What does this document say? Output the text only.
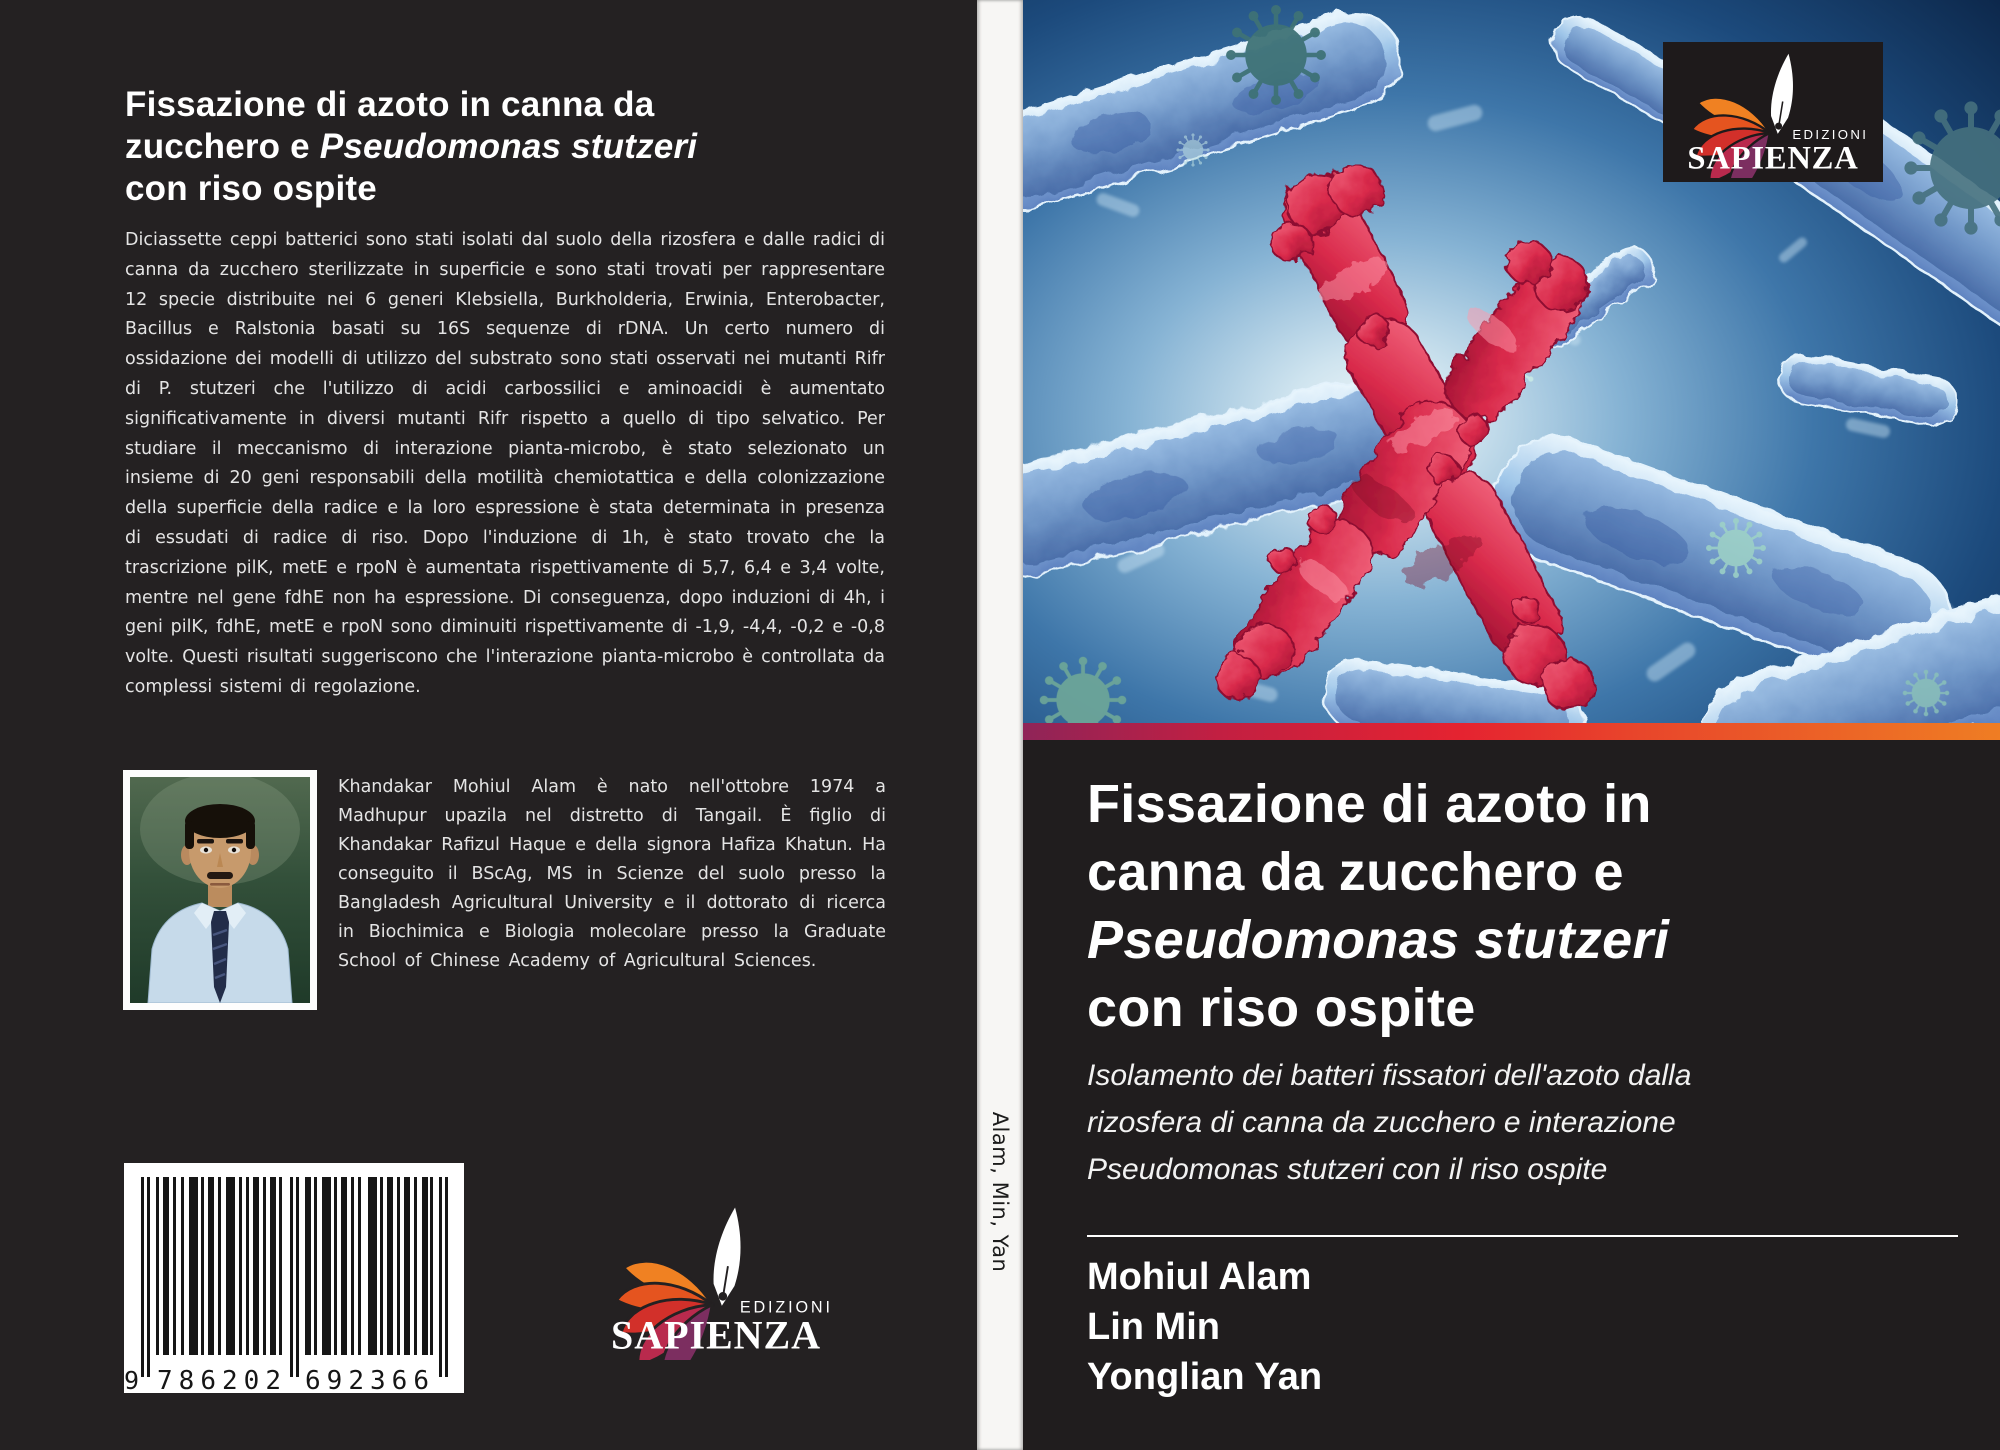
Fissazione di azoto in canna da
zucchero e Pseudomonas stutzeri
con riso ospite
Diciassette ceppi batterici sono stati isolati dal suolo della rizosfera e dalle radici di canna da zucchero sterilizzate in superficie e sono stati trovati per rappresentare 12 specie distribuite nei 6 generi Klebsiella, Burkholderia, Erwinia, Enterobacter, Bacillus e Ralstonia basati su 16S sequenze di rDNA. Un certo numero di ossidazione dei modelli di utilizzo del substrato sono stati osservati nei mutanti Rifr di P. stutzeri che l'utilizzo di acidi carbossilici e aminoacidi è aumentato significativamente in diversi mutanti Rifr rispetto a quello di tipo selvatico. Per studiare il meccanismo di interazione pianta-microbo, è stato selezionato un insieme di 20 geni responsabili della motilità chemiotattica e della colonizzazione della superficie della radice e la loro espressione è stata determinata in presenza di essudati di radice di riso. Dopo l'induzione di 1h, è stato trovato che la trascrizione pilK, metE e rpoN è aumentata rispettivamente di 5,7, 6,4 e 3,4 volte, mentre nel gene fdhE non ha espressione. Di conseguenza, dopo induzioni di 4h, i geni pilK, fdhE, metE e rpoN sono diminuiti rispettivamente di -1,9, -4,4, -0,2 e -0,8 volte. Questi risultati suggeriscono che l'interazione pianta-microbo è controllata da complessi sistemi di regolazione.
Khandakar Mohiul Alam è nato nell'ottobre 1974 a Madhupur upazila nel distretto di Tangail. È figlio di Khandakar Rafizul Haque e della signora Hafiza Khatun. Ha conseguito il BScAg, MS in Scienze del suolo presso la Bangladesh Agricultural University e il dottorato di ricerca in Biochimica e Biologia molecolare presso la Graduate School of Chinese Academy of Agricultural Sciences.
9 786202 692366
EDIZIONI
SAPIENZA
Alam, Min, Yan
EDIZIONI
SAPIENZA
Fissazione di azoto in
canna da zucchero e
Pseudomonas stutzeri
con riso ospite
Isolamento dei batteri fissatori dell'azoto dalla
rizosfera di canna da zucchero e interazione
Pseudomonas stutzeri con il riso ospite
Mohiul Alam
Lin Min
Yonglian Yan
